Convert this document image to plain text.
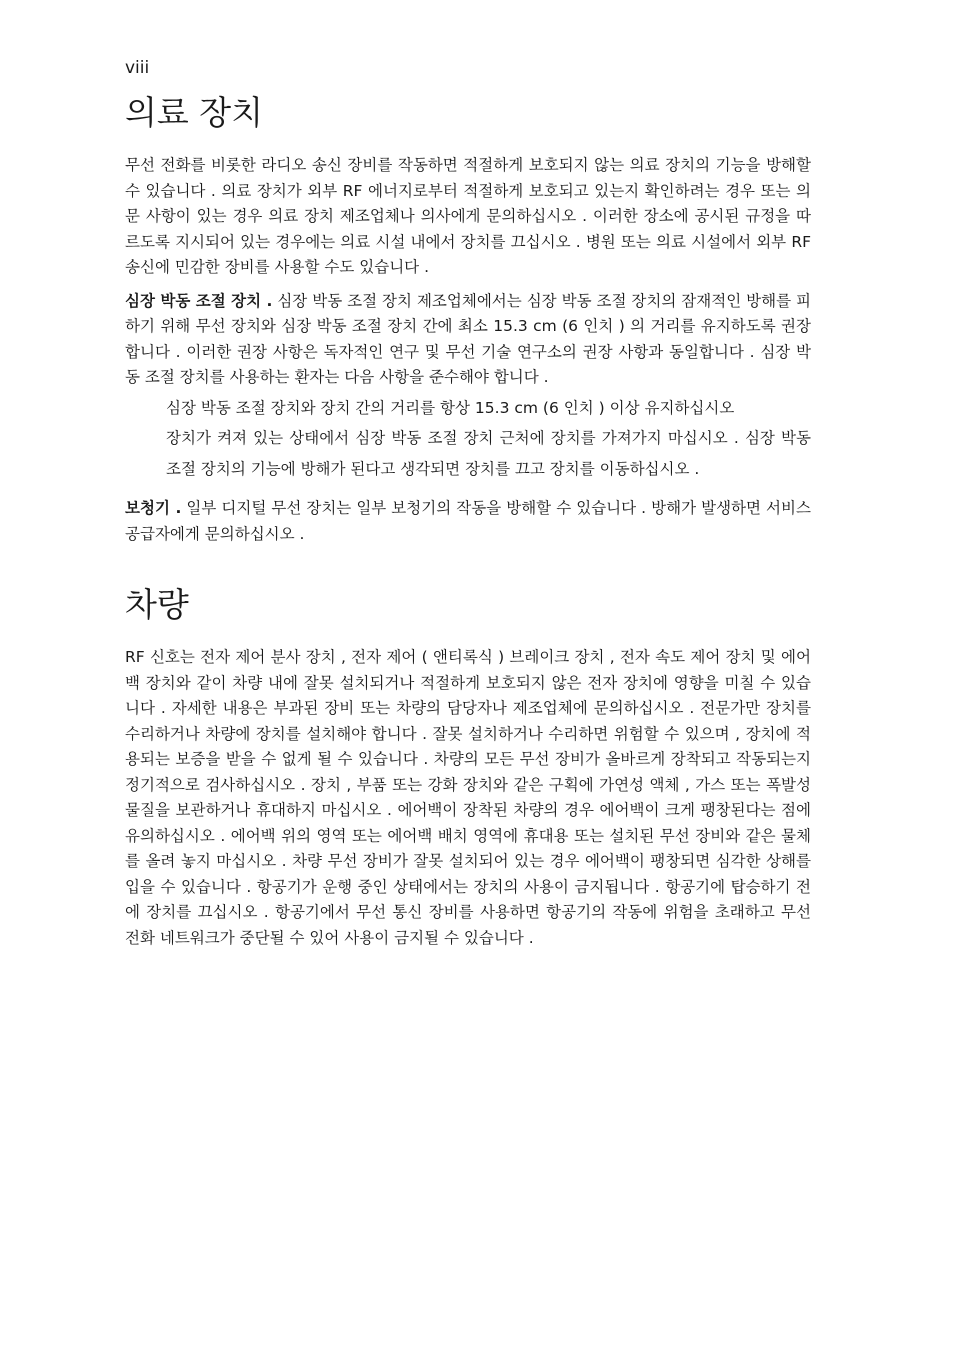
viii
의료 장치

무선 전화를 비롯한 라디오 송신 장비를 작동하면 적절하게 보호되지 않는 의료 장치의 기능을 방해할 수 있습니다 . 의료 장치가 외부 RF 에너지로부터 적절하게 보호되고 있는지 확인하려는 경우 또는 의문 사항이 있는 경우 의료 장치 제조업체나 의사에게 문의하십시오 . 이러한 장소에 공시된 규정을 따르도록 지시되어 있는 경우에는 의료 시설 내에서 장치를 끄십시오 . 병원 또는 의료 시설에서 외부 RF 송신에 민감한 장비를 사용할 수도 있습니다 .

심장 박동 조절 장치 . 심장 박동 조절 장치 제조업체에서는 심장 박동 조절 장치의 잠재적인 방해를 피하기 위해 무선 장치와 심장 박동 조절 장치 간에 최소 15.3 cm (6 인치 ) 의 거리를 유지하도록 권장합니다 . 이러한 권장 사항은 독자적인 연구 및 무선 기술 연구소의 권장 사항과 동일합니다 . 심장 박동 조절 장치를 사용하는 환자는 다음 사항을 준수해야 합니다 .

심장 박동 조절 장치와 장치 간의 거리를 항상 15.3 cm (6 인치 ) 이상 유지하십시오
장치가 켜져 있는 상태에서 심장 박동 조절 장치 근처에 장치를 가져가지 마십시오 . 심장 박동 조절 장치의 기능에 방해가 된다고 생각되면 장치를 끄고 장치를 이동하십시오 .

보청기 . 일부 디지털 무선 장치는 일부 보청기의 작동을 방해할 수 있습니다 . 방해가 발생하면 서비스 공급자에게 문의하십시오 .

차량

RF 신호는 전자 제어 분사 장치 , 전자 제어 ( 앤티록식 ) 브레이크 장치 , 전자 속도 제어 장치 및 에어백 장치와 같이 차량 내에 잘못 설치되거나 적절하게 보호되지 않은 전자 장치에 영향을 미칠 수 있습니다 . 자세한 내용은 부과된 장비 또는 차량의 담당자나 제조업체에 문의하십시오 . 전문가만 장치를 수리하거나 차량에 장치를 설치해야 합니다 . 잘못 설치하거나 수리하면 위험할 수 있으며 , 장치에 적용되는 보증을 받을 수 없게 될 수 있습니다 . 차량의 모든 무선 장비가 올바르게 장착되고 작동되는지 정기적으로 검사하십시오 . 장치 , 부품 또는 강화 장치와 같은 구획에 가연성 액체 , 가스 또는 폭발성 물질을 보관하거나 휴대하지 마십시오 . 에어백이 장착된 차량의 경우 에어백이 크게 팽창된다는 점에 유의하십시오 . 에어백 위의 영역 또는 에어백 배치 영역에 휴대용 또는 설치된 무선 장비와 같은 물체를 올려 놓지 마십시오 . 차량 무선 장비가 잘못 설치되어 있는 경우 에어백이 팽창되면 심각한 상해를 입을 수 있습니다 . 항공기가 운행 중인 상태에서는 장치의 사용이 금지됩니다 . 항공기에 탑승하기 전에 장치를 끄십시오 . 항공기에서 무선 통신 장비를 사용하면 항공기의 작동에 위험을 초래하고 무선 전화 네트워크가 중단될 수 있어 사용이 금지될 수 있습니다 .
